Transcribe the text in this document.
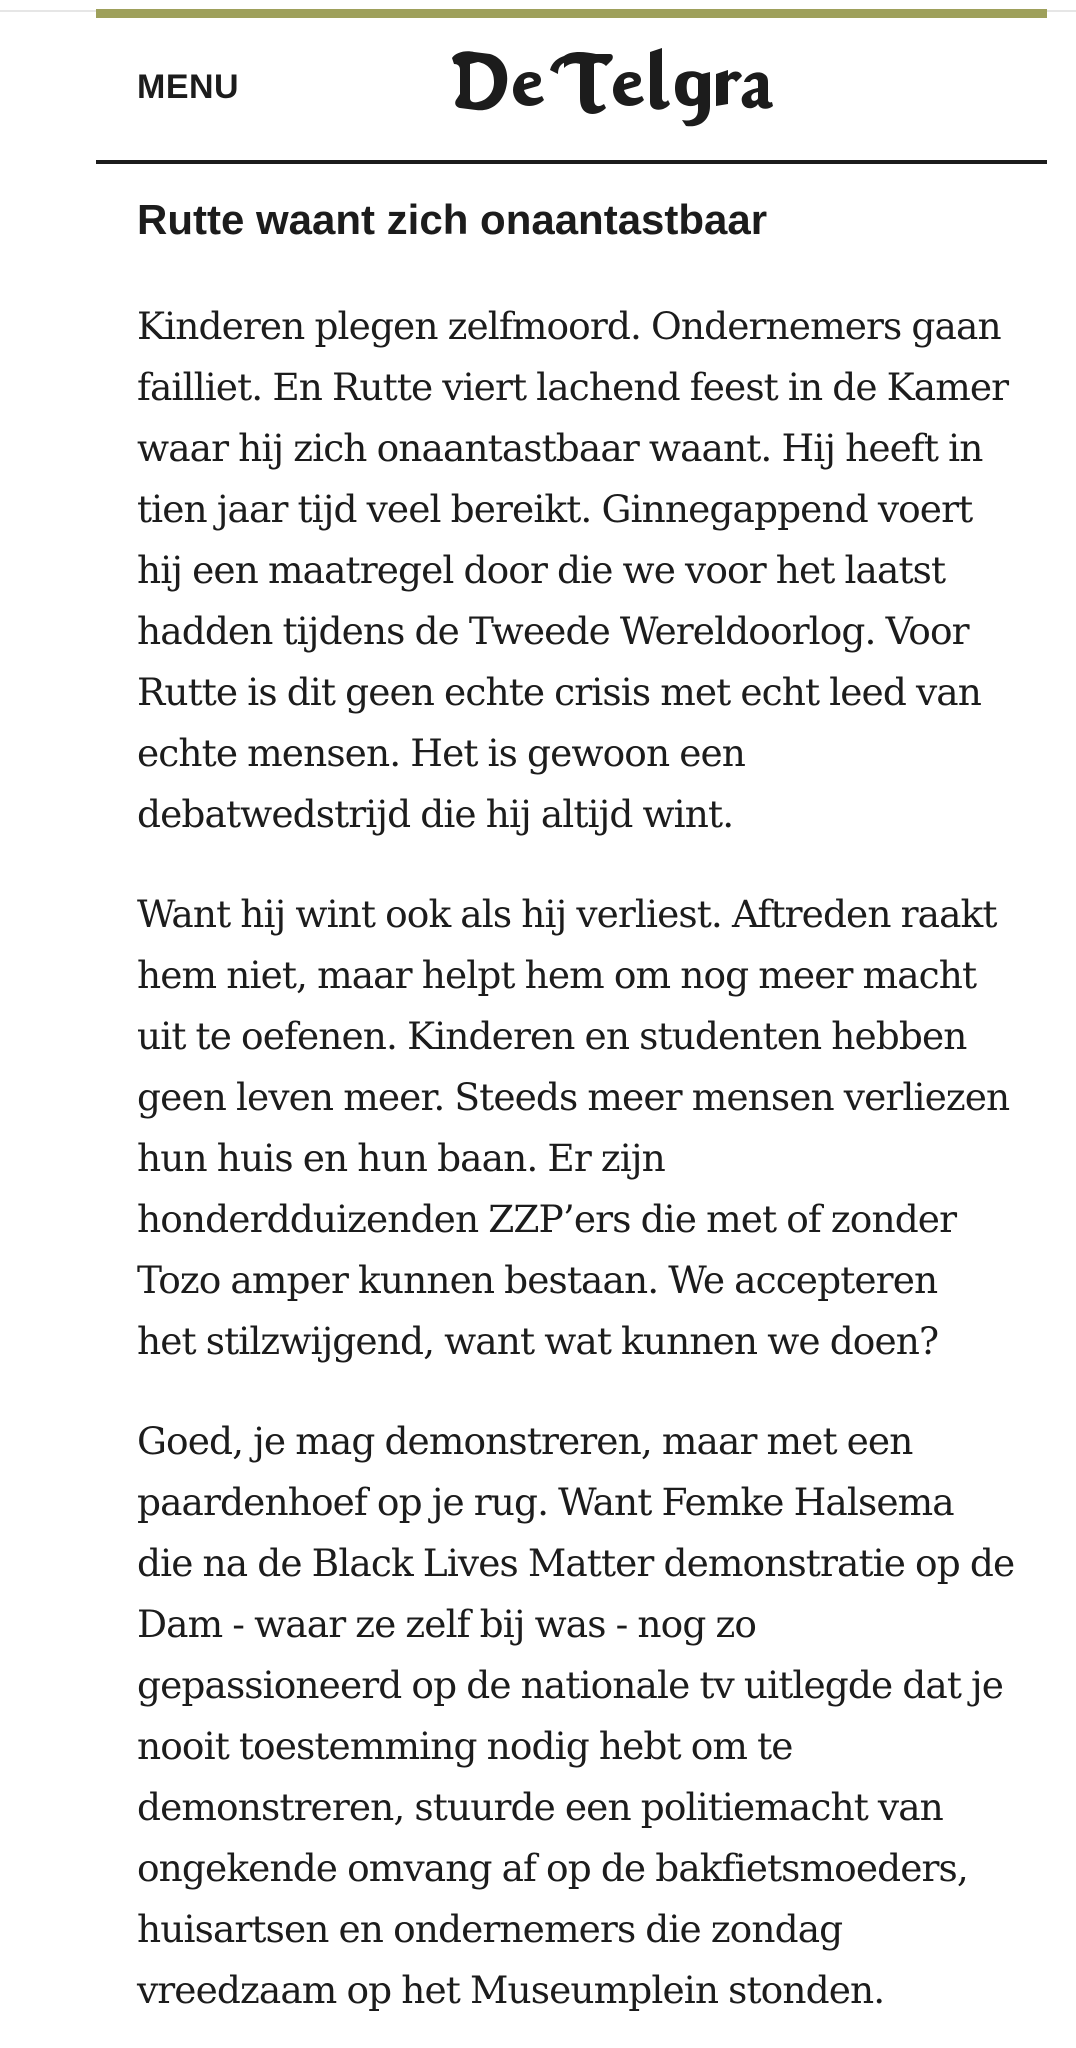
MENU
Rutte waant zich onaantastbaar

Kinderen plegen zelfmoord. Ondernemers gaan
failliet. En Rutte viert lachend feest in de Kamer
waar hij zich onaantastbaar waant. Hij heeft in
tien jaar tijd veel bereikt. Ginnegappend voert
hij een maatregel door die we voor het laatst
hadden tijdens de Tweede Wereldoorlog. Voor
Rutte is dit geen echte crisis met echt leed van
echte mensen. Het is gewoon een
debatwedstrijd die hij altijd wint.

Want hij wint ook als hij verliest. Aftreden raakt
hem niet, maar helpt hem om nog meer macht
uit te oefenen. Kinderen en studenten hebben
geen leven meer. Steeds meer mensen verliezen
hun huis en hun baan. Er zijn
honderdduizenden ZZP’ers die met of zonder
Tozo amper kunnen bestaan. We accepteren
het stilzwijgend, want wat kunnen we doen?

Goed, je mag demonstreren, maar met een
paardenhoef op je rug. Want Femke Halsema
die na de Black Lives Matter demonstratie op de
Dam - waar ze zelf bij was - nog zo
gepassioneerd op de nationale tv uitlegde dat je
nooit toestemming nodig hebt om te
demonstreren, stuurde een politiemacht van
ongekende omvang af op de bakfietsmoeders,
huisartsen en ondernemers die zondag
vreedzaam op het Museumplein stonden.
